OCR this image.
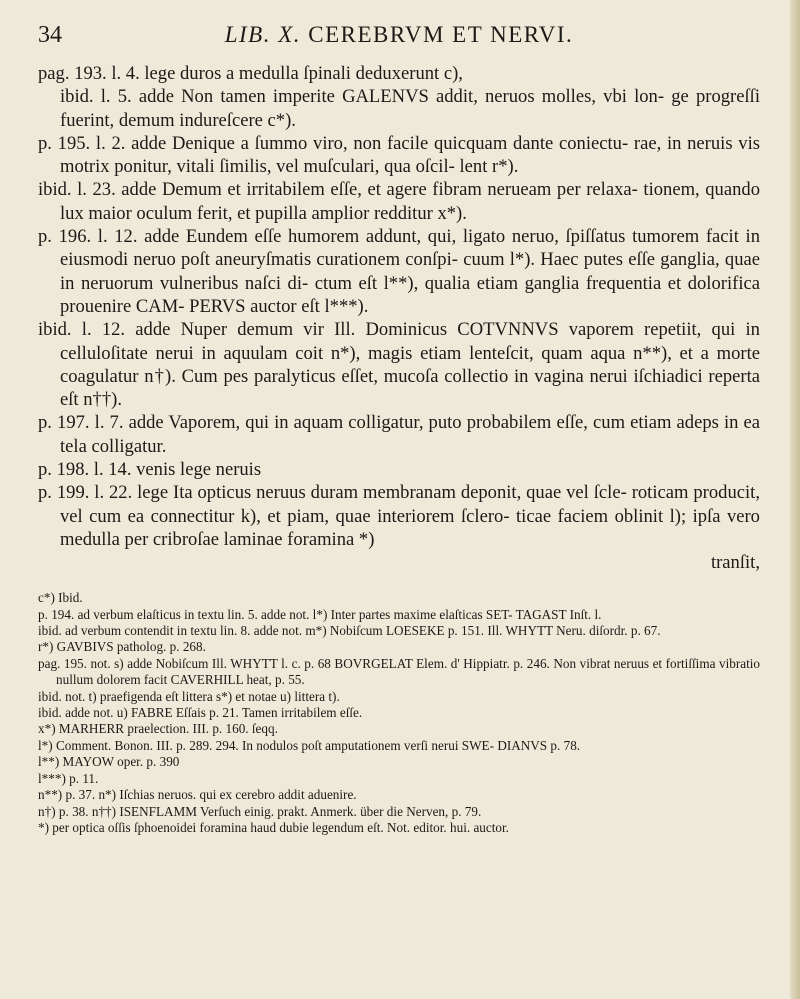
34	LIB. X. CEREBRVM ET NERVI.

pag. 193. l. 4. lege duros a medulla ſpinali deduxerunt c),
ibid. l. 5. adde Non tamen imperite GALENVS addit, neruos molles, vbi lon- ge progreſſi fuerint, demum indureſcere c*).

p. 195. l. 2. adde Denique a ſummo viro, non facile quicquam dante coniectu- rae, in neruis vis motrix ponitur, vitali ſimilis, vel muſculari, qua oſcil- lent r*).

ibid. l. 23. adde Demum et irritabilem eſſe, et agere fibram nerueam per relaxa- tionem, quando lux maior oculum ferit, et pupilla amplior redditur x*).

p. 196. l. 12. adde Eundem eſſe humorem addunt, qui, ligato neruo, ſpiſſatus tumorem facit in eiusmodi neruo poſt aneuryſmatis curationem conſpi- cuum l*). Haec putes eſſe ganglia, quae in neruorum vulneribus naſci di- ctum eſt l**), qualia etiam ganglia frequentia et dolorifica prouenire CAM- PERVS auctor eſt l***).

ibid. l. 12. adde Nuper demum vir Ill. Dominicus COTVNNVS vaporem repetiit, qui in celluloſitate nerui in aquulam coit n*), magis etiam lenteſcit, quam aqua n**), et a morte coagulatur n†). Cum pes paralyticus eſſet, mucoſa collectio in vagina nerui iſchiadici reperta eſt n††).

p. 197. l. 7. adde Vaporem, qui in aquam colligatur, puto probabilem eſſe, cum etiam adeps in ea tela colligatur.

p. 198. l. 14. venis lege neruis

p. 199. l. 22. lege Ita opticus neruus duram membranam deponit, quae vel ſcle- roticam producit, vel cum ea connectitur k), et piam, quae interiorem ſclero- ticae faciem oblinit l); ipſa vero medulla per cribroſae laminae foramina *)

tranſit,

c*) Ibid.

p. 194. ad verbum elaſticus in textu lin. 5. adde not. l*) Inter partes maxime elaſticas SET- TAGAST Inſt. l.

ibid. ad verbum contendit in textu lin. 8. adde not. m*) Nobiſcum LOESEKE p. 151. Ill. WHYTT Neru. diſordr. p. 67.

r*) GAVBIVS patholog. p. 268.

pag. 195. not. s) adde Nobiſcum Ill. WHYTT l. c. p. 68 BOVRGELAT Elem. d' Hippiatr. p. 246. Non vibrat neruus et fortiſſima vibratio nullum dolorem facit CAVERHILL heat, p. 55.

ibid. not. t) praefigenda eſt littera s*) et notae u) littera t).

ibid. adde not. u) FABRE Eſſais p. 21. Tamen irritabilem eſſe.

x*) MARHERR praelection. III. p. 160. ſeqq.

l*) Comment. Bonon. III. p. 289. 294. In nodulos poſt amputationem verſi nerui SWE- DIANVS p. 78.

l**) MAYOW oper. p. 390

l***) p. 11.

n**) p. 37. n*) Iſchias neruos. qui ex cerebro addit aduenire.

n†) p. 38. n††) ISENFLAMM Verſuch einig. prakt. Anmerk. über die Nerven, p. 79.

*) per optica oſſis ſphoenoidei foramina haud dubie legendum eſt. Not. editor. hui. auctor.
